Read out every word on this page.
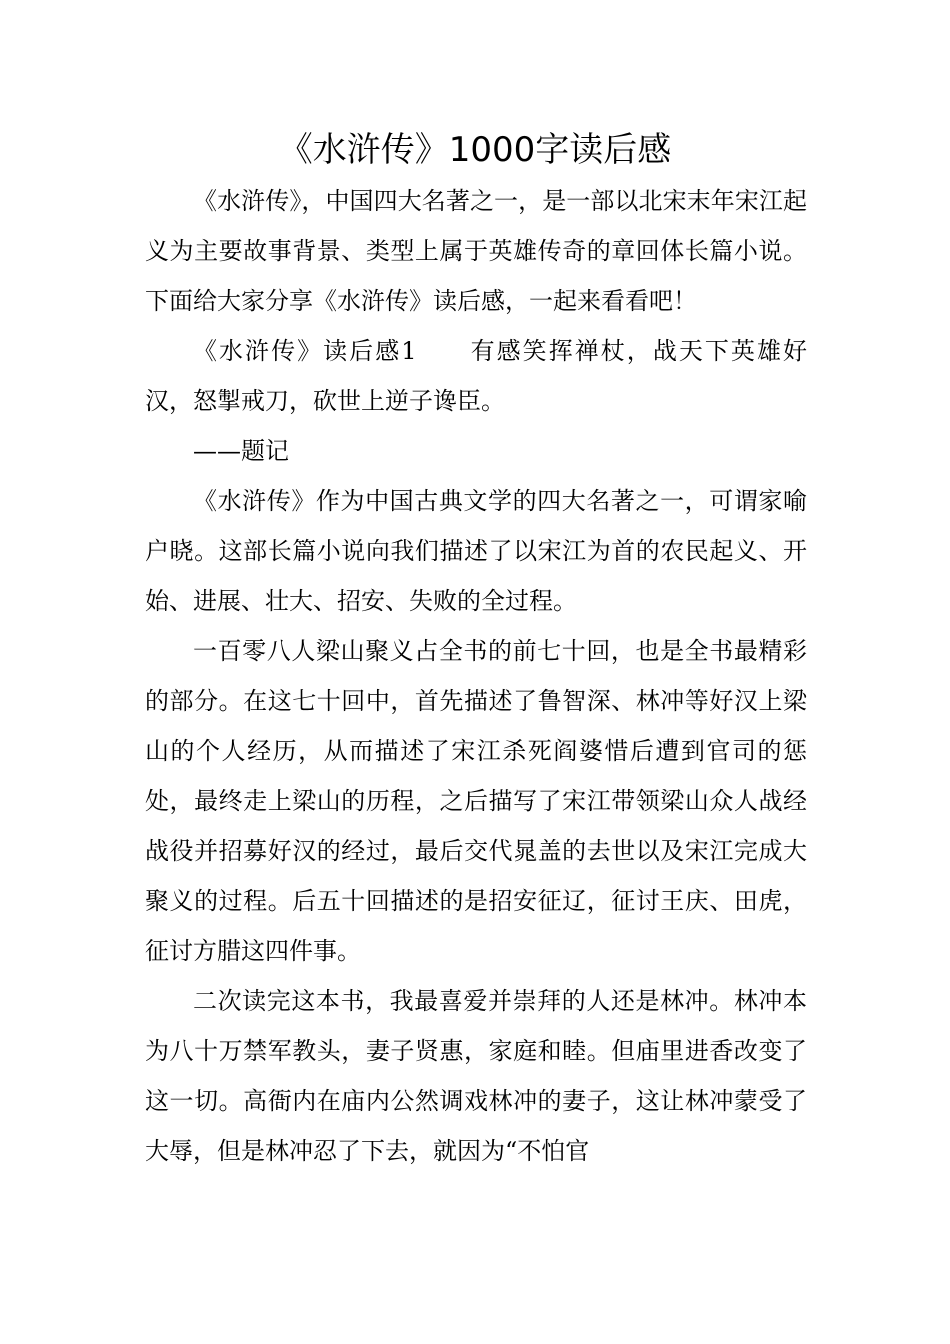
《水浒传》1000字读后感

《水浒传》，中国四大名著之一，是一部以北宋末年宋江起义为主要故事背景、类型上属于英雄传奇的章回体长篇小说。下面给大家分享《水浒传》读后感，一起来看看吧！

《水浒传》读后感1　　有感笑挥禅杖，战天下英雄好汉，怒掣戒刀，砍世上逆子谗臣。

——题记

《水浒传》作为中国古典文学的四大名著之一，可谓家喻户晓。这部长篇小说向我们描述了以宋江为首的农民起义、开始、进展、壮大、招安、失败的全过程。

一百零八人梁山聚义占全书的前七十回，也是全书最精彩的部分。在这七十回中，首先描述了鲁智深、林冲等好汉上梁山的个人经历，从而描述了宋江杀死阎婆惜后遭到官司的惩处，最终走上梁山的历程，之后描写了宋江带领梁山众人战经战役并招募好汉的经过，最后交代晁盖的去世以及宋江完成大聚义的过程。后五十回描述的是招安征辽，征讨王庆、田虎，征讨方腊这四件事。

二次读完这本书，我最喜爱并崇拜的人还是林冲。林冲本为八十万禁军教头，妻子贤惠，家庭和睦。但庙里进香改变了这一切。高衙内在庙内公然调戏林冲的妻子，这让林冲蒙受了大辱，但是林冲忍了下去，就因为“不怕官
